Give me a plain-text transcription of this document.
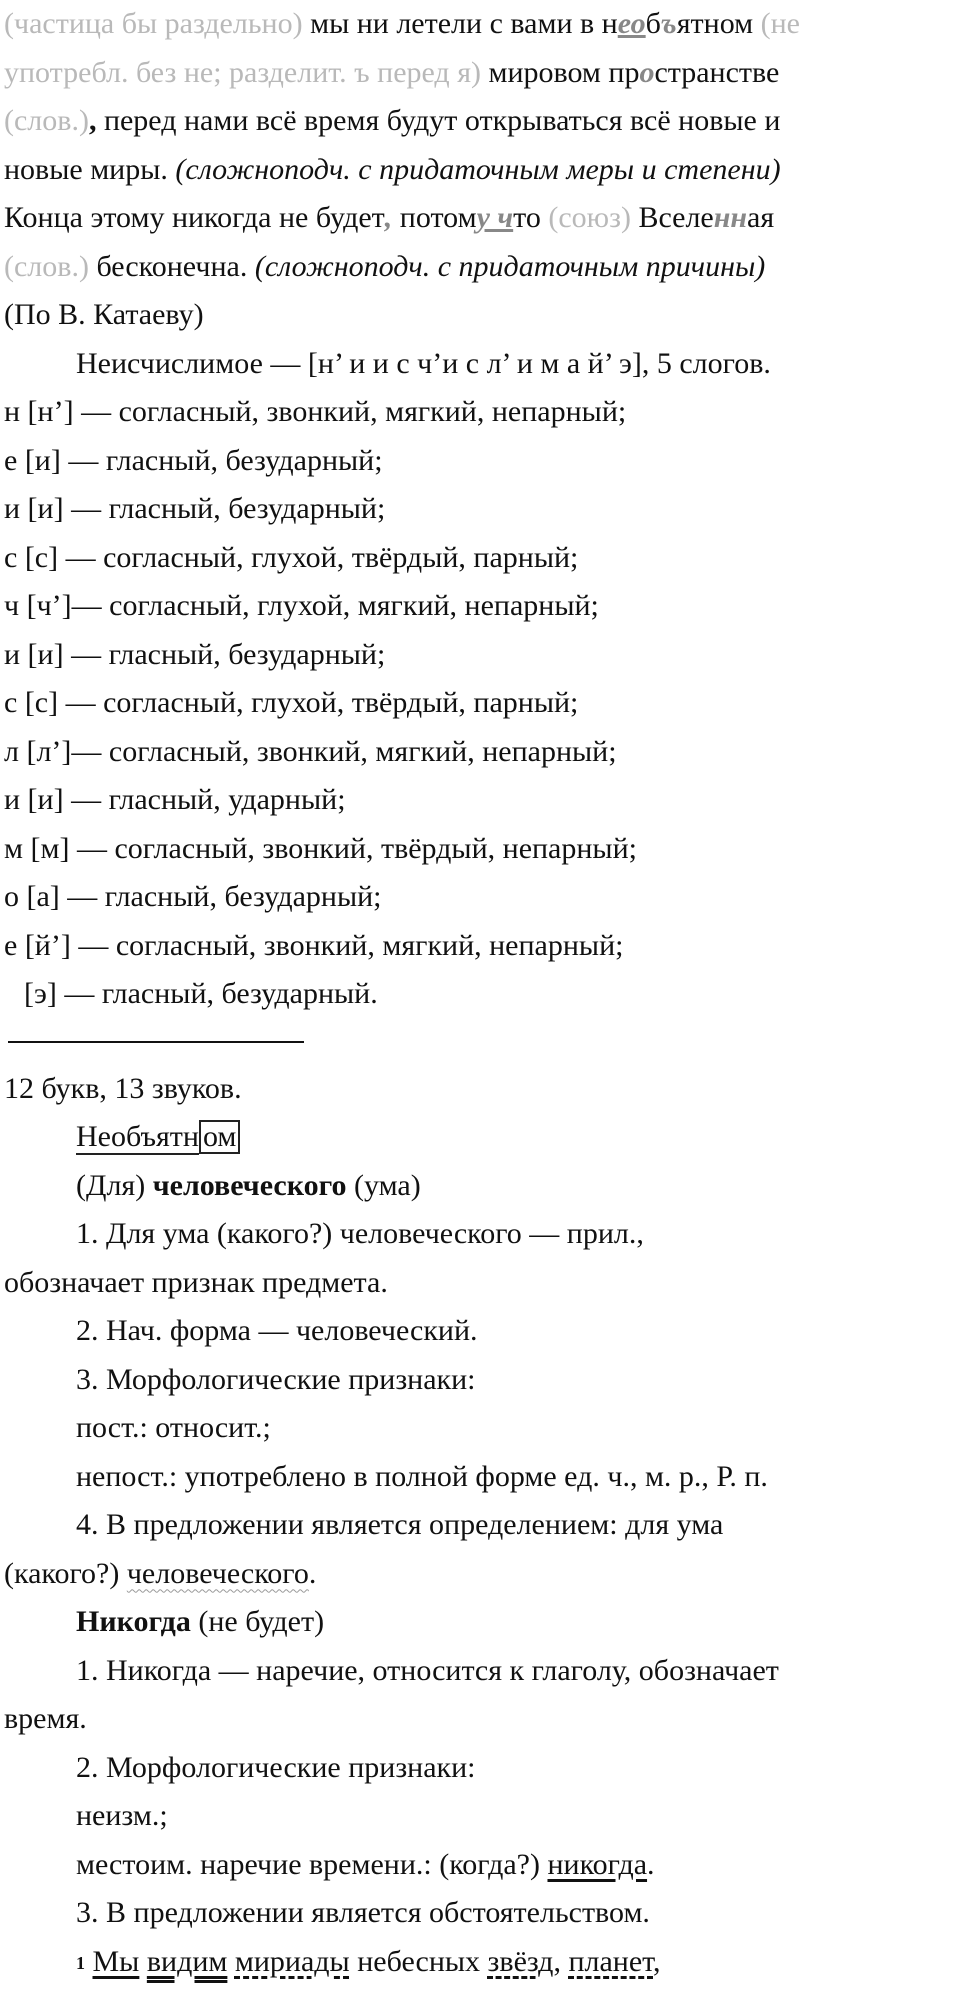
(частица бы раздельно) мы ни летели с вами в необъятном (не
употребл. без не; разделит. ъ перед я) мировом пространстве
(слов.), перед нами всё время будут открываться всё новые и
новые миры. (сложноподч. с придаточным меры и степени)
Конца этому никогда не будет, потому что (союз) Вселенная
(слов.) бесконечна. (сложноподч. с придаточным причины)
(По В. Катаеву)
Неисчислимое — [н’ и и с ч’и с л’ и м а й’ э], 5 слогов.
н [н’] — согласный, звонкий, мягкий, непарный;
е [и] — гласный, безударный;
и [и] — гласный, безударный;
с [с] — согласный, глухой, твёрдый, парный;
ч [ч’]— согласный, глухой, мягкий, непарный;
и [и] — гласный, безударный;
с [с] — согласный, глухой, твёрдый, парный;
л [л’]— согласный, звонкий, мягкий, непарный;
и [и] — гласный, ударный;
м [м] — согласный, звонкий, твёрдый, непарный;
о [а] — гласный, безударный;
е [й’] — согласный, звонкий, мягкий, непарный;
[э] — гласный, безударный.
12 букв, 13 звуков.
Необъятн ом
(Для) человеческого (ума)
1. Для ума (какого?) человеческого — прил.,
обозначает признак предмета.
2. Нач. форма — человеческий.
3. Морфологические признаки:
пост.: относит.;
непост.: употреблено в полной форме ед. ч., м. р., Р. п.
4. В предложении является определением: для ума
(какого?) человеческого.
Никогда (не будет)
1. Никогда — наречие, относится к глаголу, обозначает
время.
2. Морфологические признаки:
неизм.;
местоим. наречие времени.: (когда?) никогда.
3. В предложении является обстоятельством.
1 Мы видим мириады небесных звёзд, планет,
